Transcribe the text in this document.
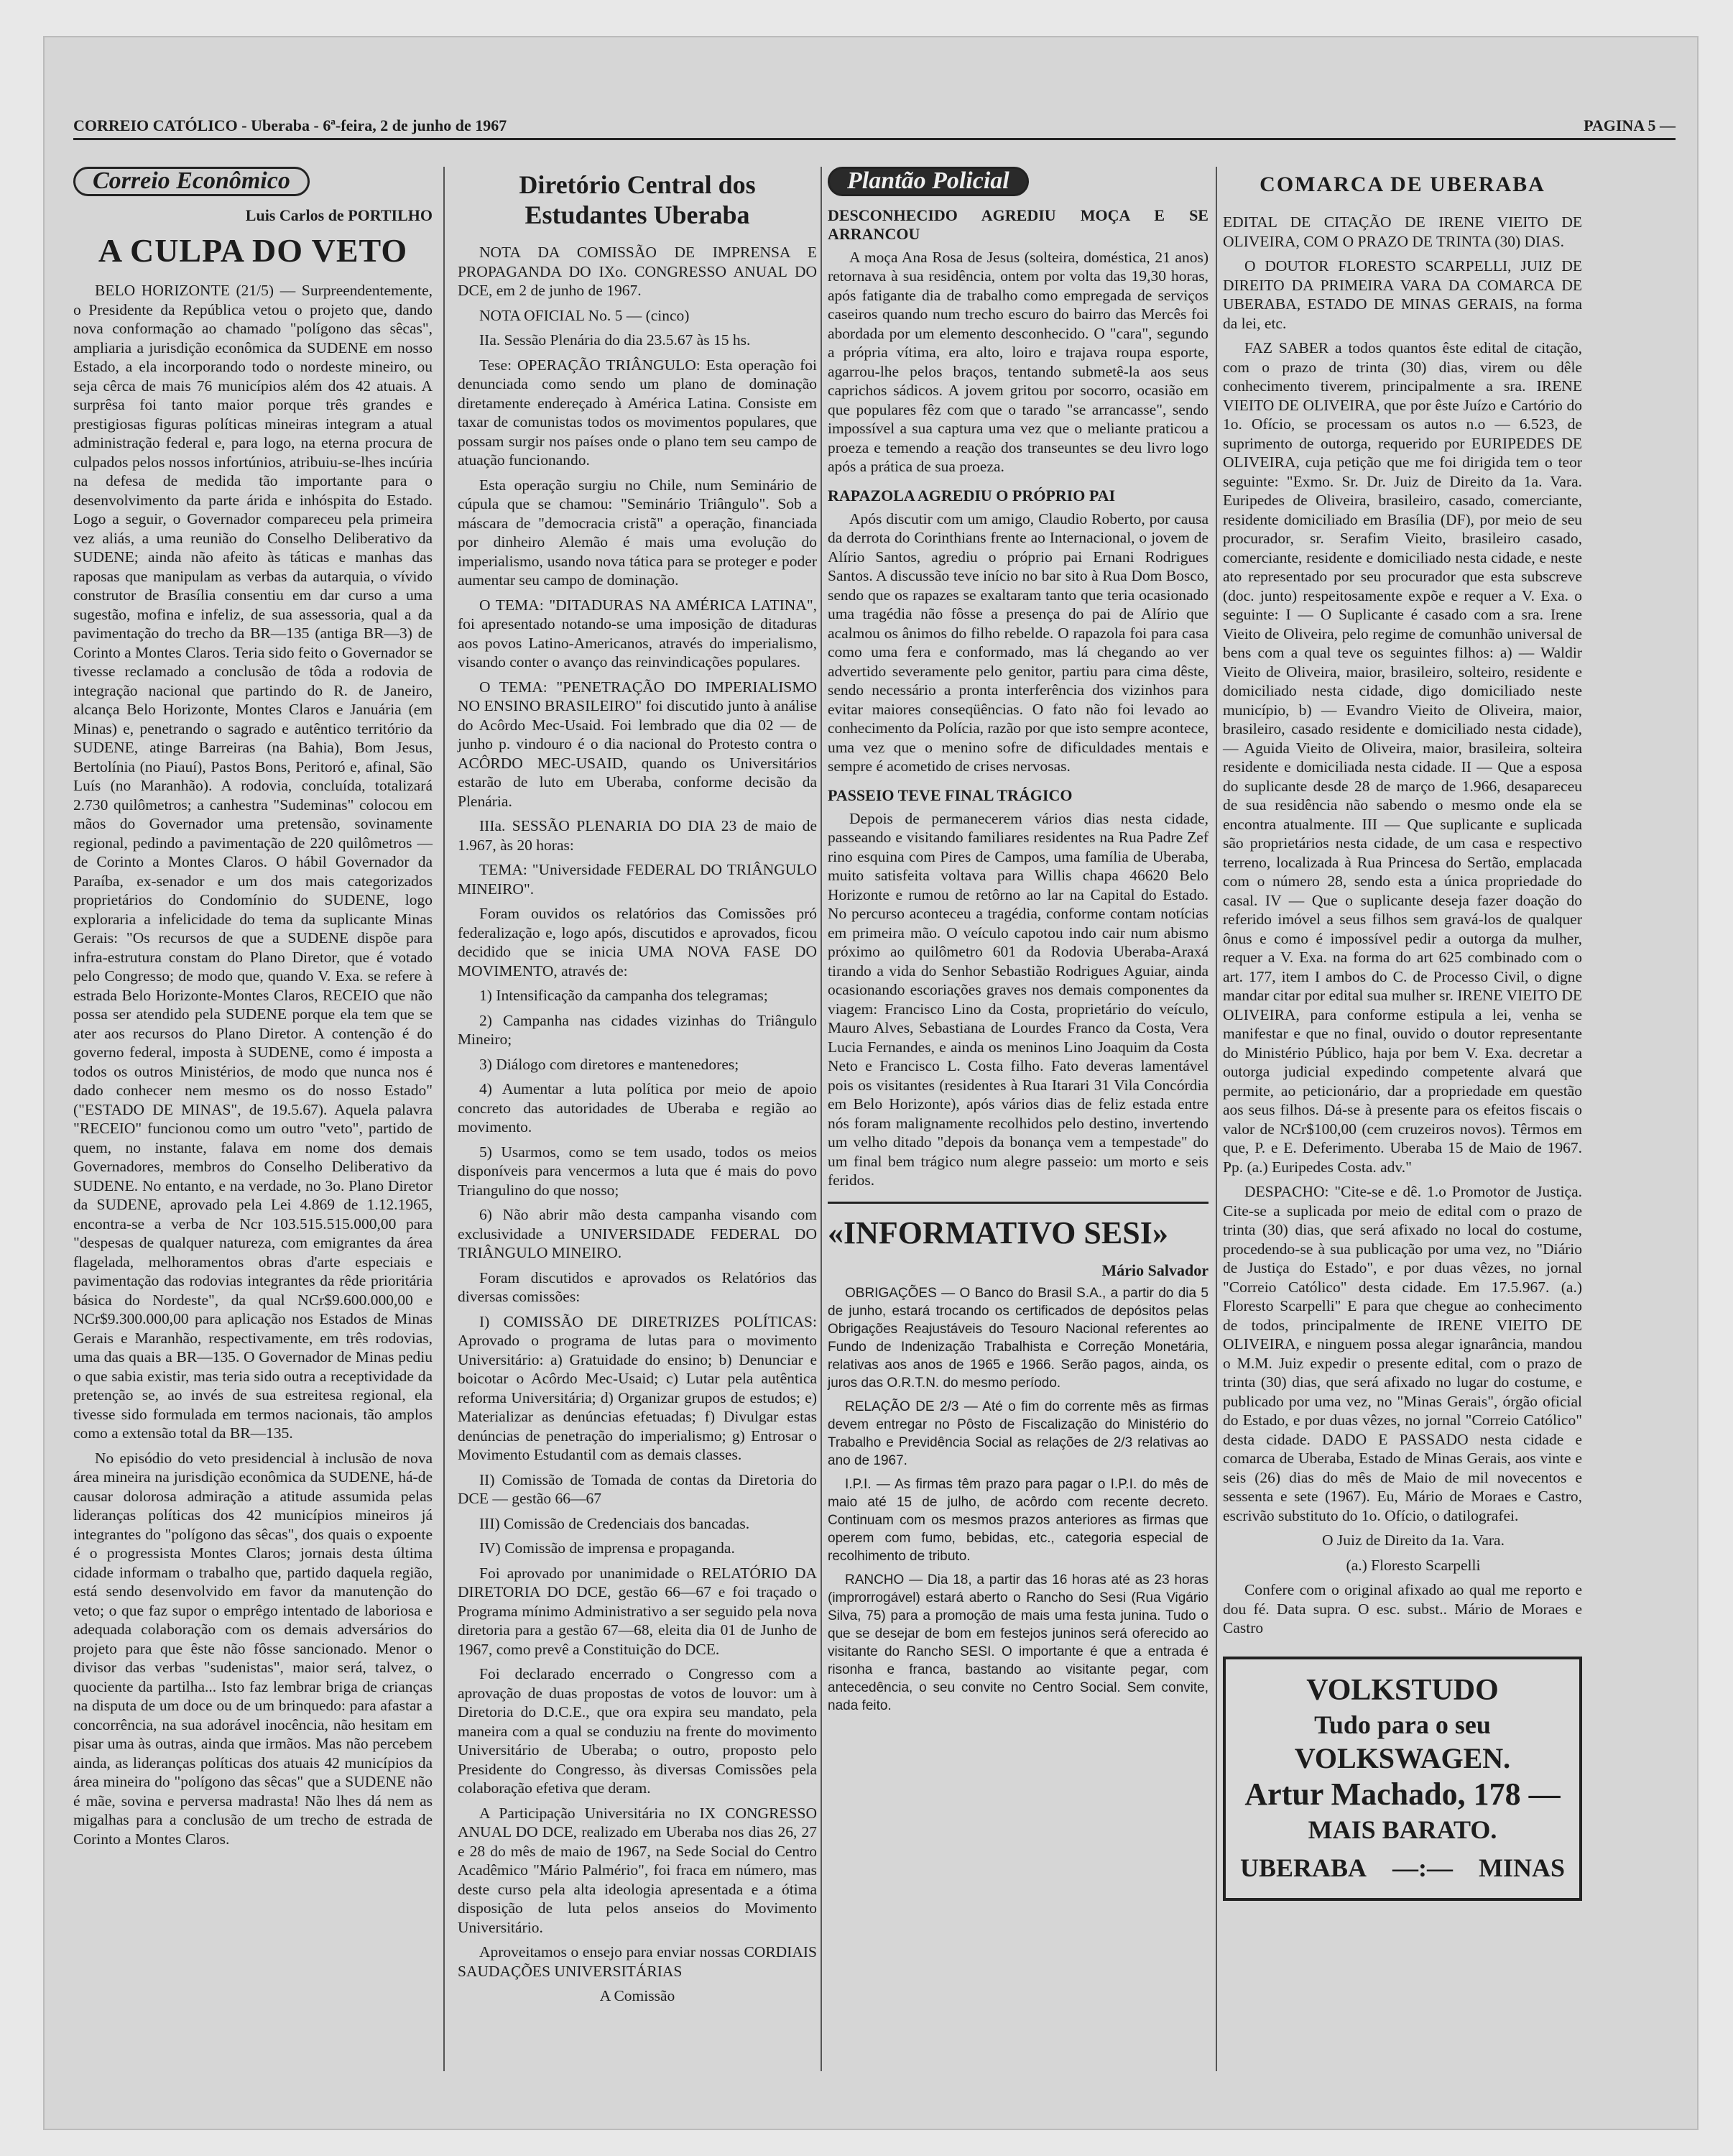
CORREIO CATÓLICO - Uberaba - 6ª-feira, 2 de junho de 1967	PAGINA 5 —
Correio Econômico
Luis Carlos de PORTILHO
A CULPA DO VETO

BELO HORIZONTE (21/5) — Surpreendentemente, o Presidente da República vetou o projeto que, dando nova conformação ao chamado "polígono das sêcas", ampliaria a jurisdição econômica da SUDENE em nosso Estado, a ela incorporando todo o nordeste mineiro, ou seja cêrca de mais 76 municípios além dos 42 atuais. A surprêsa foi tanto maior porque três grandes e prestigiosas figuras políticas mineiras integram a atual administração federal e, para logo, na eterna procura de culpados pelos nossos infortúnios, atribuiu-se-lhes incúria na defesa de medida tão importante para o desenvolvimento da parte árida e inhóspita do Estado. Logo a seguir, o Governador compareceu pela primeira vez aliás, a uma reunião do Conselho Deliberativo da SUDENE; ainda não afeito às táticas e manhas das raposas que manipulam as verbas da autarquia, o vívido construtor de Brasília consentiu em dar curso a uma sugestão, mofina e infeliz, de sua assessoria, qual a da pavimentação do trecho da BR—135 (antiga BR—3) de Corinto a Montes Claros. Teria sido feito o Governador se tivesse reclamado a conclusão de tôda a rodovia de integração nacional que partindo do R. de Janeiro, alcança Belo Horizonte, Montes Claros e Januária (em Minas) e, penetrando o sagrado e autêntico território da SUDENE, atinge Barreiras (na Bahia), Bom Jesus, Bertolínia (no Piauí), Pastos Bons, Peritoró e, afinal, São Luís (no Maranhão). A rodovia, concluída, totalizará 2.730 quilômetros; a canhestra "Sudeminas" colocou em mãos do Governador uma pretensão, sovinamente regional, pedindo a pavimentação de 220 quilômetros — de Corinto a Montes Claros. O hábil Governador da Paraíba, ex-senador e um dos mais categorizados proprietários do Condomínio do SUDENE, logo exploraria a infelicidade do tema da suplicante Minas Gerais: "Os recursos de que a SUDENE dispõe para infra-estrutura constam do Plano Diretor, que é votado pelo Congresso; de modo que, quando V. Exa. se refere à estrada Belo Horizonte-Montes Claros, RECEIO que não possa ser atendido pela SUDENE porque ela tem que se ater aos recursos do Plano Diretor. A contenção é do governo federal, imposta à SUDENE, como é imposta a todos os outros Ministérios, de modo que nunca nos é dado conhecer nem mesmo os do nosso Estado" ("ESTADO DE MINAS", de 19.5.67). Aquela palavra "RECEIO" funcionou como um outro "veto", partido de quem, no instante, falava em nome dos demais Governadores, membros do Conselho Deliberativo da SUDENE. No entanto, e na verdade, no 3o. Plano Diretor da SUDENE, aprovado pela Lei 4.869 de 1.12.1965, encontra-se a verba de Ncr 103.515.515.000,00 para "despesas de qualquer natureza, com emigrantes da área flagelada, melhoramentos obras d'arte especiais e pavimentação das rodovias integrantes da rêde prioritária básica do Nordeste", da qual NCr$9.600.000,00 e NCr$9.300.000,00 para aplicação nos Estados de Minas Gerais e Maranhão, respectivamente, em três rodovias, uma das quais a BR—135. O Governador de Minas pediu o que sabia existir, mas teria sido outra a receptividade da pretenção se, ao invés de sua estreitesa regional, ela tivesse sido formulada em termos nacionais, tão amplos como a extensão total da BR—135.

No episódio do veto presidencial à inclusão de nova área mineira na jurisdição econômica da SUDENE, há-de causar dolorosa admiração a atitude assumida pelas lideranças políticas dos 42 municípios mineiros já integrantes do "polígono das sêcas", dos quais o expoente é o progressista Montes Claros; jornais desta última cidade informam o trabalho que, partido daquela região, está sendo desenvolvido em favor da manutenção do veto; o que faz supor o emprêgo intentado de laboriosa e adequada colaboração com os demais adversários do projeto para que êste não fôsse sancionado. Menor o divisor das verbas "sudenistas", maior será, talvez, o quociente da partilha... Isto faz lembrar briga de crianças na disputa de um doce ou de um brinquedo: para afastar a concorrência, na sua adorável inocência, não hesitam em pisar uma às outras, ainda que irmãos. Mas não percebem ainda, as lideranças políticas dos atuais 42 municípios da área mineira do "polígono das sêcas" que a SUDENE não é mãe, sovina e perversa madrasta! Não lhes dá nem as migalhas para a conclusão de um trecho de estrada de Corinto a Montes Claros.

Diretório Central dos Estudantes Uberaba

NOTA DA COMISSÃO DE IMPRENSA E PROPAGANDA DO IXo. CONGRESSO ANUAL DO DCE, em 2 de junho de 1967.

NOTA OFICIAL No. 5 — (cinco)

IIa. Sessão Plenária do dia 23.5.67 às 15 hs.

Tese: OPERAÇÃO TRIÂNGULO: Esta operação foi denunciada como sendo um plano de dominação diretamente endereçado à América Latina. Consiste em taxar de comunistas todos os movimentos populares, que possam surgir nos países onde o plano tem seu campo de atuação funcionando.

Esta operação surgiu no Chile, num Seminário de cúpula que se chamou: "Seminário Triângulo". Sob a máscara de "democracia cristã" a operação, financiada por dinheiro Alemão é mais uma evolução do imperialismo, usando nova tática para se proteger e poder aumentar seu campo de dominação.

O TEMA: "DITADURAS NA AMÉRICA LATINA", foi apresentado notando-se uma imposição de ditaduras aos povos Latino-Americanos, através do imperialismo, visando conter o avanço das reinvindicações populares.

O TEMA: "PENETRAÇÃO DO IMPERIALISMO NO ENSINO BRASILEIRO" foi discutido junto à análise do Acôrdo Mec-Usaid. Foi lembrado que dia 02 — de junho p. vindouro é o dia nacional do Protesto contra o ACÔRDO MEC-USAID, quando os Universitários estarão de luto em Uberaba, conforme decisão da Plenária.

IIIa. SESSÃO PLENARIA DO DIA 23 de maio de 1.967, às 20 horas:

TEMA: "Universidade FEDERAL DO TRIÂNGULO MINEIRO".

Foram ouvidos os relatórios das Comissões pró federalização e, logo após, discutidos e aprovados, ficou decidido que se inicia UMA NOVA FASE DO MOVIMENTO, através de:

1) Intensificação da campanha dos telegramas;

2) Campanha nas cidades vizinhas do Triângulo Mineiro;

3) Diálogo com diretores e mantenedores;

4) Aumentar a luta política por meio de apoio concreto das autoridades de Uberaba e região ao movimento.

5) Usarmos, como se tem usado, todos os meios disponíveis para vencermos a luta que é mais do povo Triangulino do que nosso;

6) Não abrir mão desta campanha visando com exclusividade a UNIVERSIDADE FEDERAL DO TRIÂNGULO MINEIRO.

Foram discutidos e aprovados os Relatórios das diversas comissões:

I) COMISSÃO DE DIRETRIZES POLÍTICAS: Aprovado o programa de lutas para o movimento Universitário: a) Gratuidade do ensino; b) Denunciar e boicotar o Acôrdo Mec-Usaid; c) Lutar pela autêntica reforma Universitária; d) Organizar grupos de estudos; e) Materializar as denúncias efetuadas; f) Divulgar estas denúncias de penetração do imperialismo; g) Entrosar o Movimento Estudantil com as demais classes.

II) Comissão de Tomada de contas da Diretoria do DCE — gestão 66—67

III) Comissão de Credenciais dos bancadas.

IV) Comissão de imprensa e propaganda.

Foi aprovado por unanimidade o RELATÓRIO DA DIRETORIA DO DCE, gestão 66—67 e foi traçado o Programa mínimo Administrativo a ser seguido pela nova diretoria para a gestão 67—68, eleita dia 01 de Junho de 1967, como prevê a Constituição do DCE.

Foi declarado encerrado o Congresso com a aprovação de duas propostas de votos de louvor: um à Diretoria do D.C.E., que ora expira seu mandato, pela maneira com a qual se conduziu na frente do movimento Universitário de Uberaba; o outro, proposto pelo Presidente do Congresso, às diversas Comissões pela colaboração efetiva que deram.

A Participação Universitária no IX CONGRESSO ANUAL DO DCE, realizado em Uberaba nos dias 26, 27 e 28 do mês de maio de 1967, na Sede Social do Centro Acadêmico "Mário Palmério", foi fraca em número, mas deste curso pela alta ideologia apresentada e a ótima disposição de luta pelos anseios do Movimento Universitário.

Aproveitamos o ensejo para enviar nossas CORDIAIS SAUDAÇÕES UNIVERSITÁRIAS

A Comissão

Plantão Policial
DESCONHECIDO AGREDIU MOÇA E SE ARRANCOU

A moça Ana Rosa de Jesus (solteira, doméstica, 21 anos) retornava à sua residência, ontem por volta das 19,30 horas, após fatigante dia de trabalho como empregada de serviços caseiros quando num trecho escuro do bairro das Mercês foi abordada por um elemento desconhecido. O "cara", segundo a própria vítima, era alto, loiro e trajava roupa esporte, agarrou-lhe pelos braços, tentando submetê-la aos seus caprichos sádicos. A jovem gritou por socorro, ocasião em que populares fêz com que o tarado "se arrancasse", sendo impossível a sua captura uma vez que o meliante praticou a proeza e temendo a reação dos transeuntes se deu livro logo após a prática de sua proeza.

RAPAZOLA AGREDIU O PRÓPRIO PAI

Após discutir com um amigo, Claudio Roberto, por causa da derrota do Corinthians frente ao Internacional, o jovem de Alírio Santos, agrediu o próprio pai Ernani Rodrigues Santos. A discussão teve início no bar sito à Rua Dom Bosco, sendo que os rapazes se exaltaram tanto que teria ocasionado uma tragédia não fôsse a presença do pai de Alírio que acalmou os ânimos do filho rebelde. O rapazola foi para casa como uma fera e conformado, mas lá chegando ao ver advertido severamente pelo genitor, partiu para cima dêste, sendo necessário a pronta interferência dos vizinhos para evitar maiores conseqüências. O fato não foi levado ao conhecimento da Polícia, razão por que isto sempre acontece, uma vez que o menino sofre de dificuldades mentais e sempre é acometido de crises nervosas.

PASSEIO TEVE FINAL TRÁGICO

Depois de permanecerem vários dias nesta cidade, passeando e visitando familiares residentes na Rua Padre Zef rino esquina com Pires de Campos, uma família de Uberaba, muito satisfeita voltava para Willis chapa 46620 Belo Horizonte e rumou de retôrno ao lar na Capital do Estado. No percurso aconteceu a tragédia, conforme contam notícias em primeira mão. O veículo capotou indo cair num abismo próximo ao quilômetro 601 da Rodovia Uberaba-Araxá tirando a vida do Senhor Sebastião Rodrigues Aguiar, ainda ocasionando escoriações graves nos demais componentes da viagem: Francisco Lino da Costa, proprietário do veículo, Mauro Alves, Sebastiana de Lourdes Franco da Costa, Vera Lucia Fernandes, e ainda os meninos Lino Joaquim da Costa Neto e Francisco L. Costa filho. Fato deveras lamentável pois os visitantes (residentes à Rua Itarari 31 Vila Concórdia em Belo Horizonte), após vários dias de feliz estada entre nós foram malignamente recolhidos pelo destino, invertendo um velho ditado "depois da bonança vem a tempestade" do um final bem trágico num alegre passeio: um morto e seis feridos.

«INFORMATIVO SESI»
Mário Salvador

OBRIGAÇÕES — O Banco do Brasil S.A., a partir do dia 5 de junho, estará trocando os certificados de depósitos pelas Obrigações Reajustáveis do Tesouro Nacional referentes ao Fundo de Indenização Trabalhista e Correção Monetária, relativas aos anos de 1965 e 1966. Serão pagos, ainda, os juros das O.R.T.N. do mesmo período.

RELAÇÃO DE 2/3 — Até o fim do corrente mês as firmas devem entregar no Pôsto de Fiscalização do Ministério do Trabalho e Previdência Social as relações de 2/3 relativas ao ano de 1967.

I.P.I. — As firmas têm prazo para pagar o I.P.I. do mês de maio até 15 de julho, de acôrdo com recente decreto. Continuam com os mesmos prazos anteriores as firmas que operem com fumo, bebidas, etc., categoria especial de recolhimento de tributo.

RANCHO — Dia 18, a partir das 16 horas até as 23 horas (improrrogável) estará aberto o Rancho do Sesi (Rua Vigário Silva, 75) para a promoção de mais uma festa junina. Tudo o que se desejar de bom em festejos juninos será oferecido ao visitante do Rancho SESI. O importante é que a entrada é risonha e franca, bastando ao visitante pegar, com antecedência, o seu convite no Centro Social. Sem convite, nada feito.

COMARCA DE UBERABA

EDITAL DE CITAÇÃO DE IRENE VIEITO DE OLIVEIRA, COM O PRAZO DE TRINTA (30) DIAS.

O DOUTOR FLORESTO SCARPELLI, JUIZ DE DIREITO DA PRIMEIRA VARA DA COMARCA DE UBERABA, ESTADO DE MINAS GERAIS, na forma da lei, etc.

FAZ SABER a todos quantos êste edital de citação, com o prazo de trinta (30) dias, virem ou dêle conhecimento tiverem, principalmente a sra. IRENE VIEITO DE OLIVEIRA, que por êste Juízo e Cartório do 1o. Ofício, se processam os autos n.o — 6.523, de suprimento de outorga, requerido por EURIPEDES DE OLIVEIRA, cuja petição que me foi dirigida tem o teor seguinte: "Exmo. Sr. Dr. Juiz de Direito da 1a. Vara. Euripedes de Oliveira, brasileiro, casado, comerciante, residente domiciliado em Brasília (DF), por meio de seu procurador, sr. Serafim Vieito, brasileiro casado, comerciante, residente e domiciliado nesta cidade, e neste ato representado por seu procurador que esta subscreve (doc. junto) respeitosamente expõe e requer a V. Exa. o seguinte: I — O Suplicante é casado com a sra. Irene Vieito de Oliveira, pelo regime de comunhão universal de bens com a qual teve os seguintes filhos: a) — Waldir Vieito de Oliveira, maior, brasileiro, solteiro, residente e domiciliado nesta cidade, digo domiciliado neste município, b) — Evandro Vieito de Oliveira, maior, brasileiro, casado residente e domiciliado nesta cidade), — Aguida Vieito de Oliveira, maior, brasileira, solteira residente e domiciliada nesta cidade. II — Que a esposa do suplicante desde 28 de março de 1.966, desapareceu de sua residência não sabendo o mesmo onde ela se encontra atualmente. III — Que suplicante e suplicada são proprietários nesta cidade, de um casa e respectivo terreno, localizada à Rua Princesa do Sertão, emplacada com o número 28, sendo esta a única propriedade do casal. IV — Que o suplicante deseja fazer doação do referido imóvel a seus filhos sem gravá-los de qualquer ônus e como é impossível pedir a outorga da mulher, requer a V. Exa. na forma do art 625 combinado com o art. 177, item I ambos do C. de Processo Civil, o digne mandar citar por edital sua mulher sr. IRENE VIEITO DE OLIVEIRA, para conforme estipula a lei, venha se manifestar e que no final, ouvido o doutor representante do Ministério Público, haja por bem V. Exa. decretar a outorga judicial expedindo competente alvará que permite, ao peticionário, dar a propriedade em questão aos seus filhos. Dá-se à presente para os efeitos fiscais o valor de NCr$100,00 (cem cruzeiros novos). Têrmos em que, P. e E. Deferimento. Uberaba 15 de Maio de 1967. Pp. (a.) Euripedes Costa. adv."

DESPACHO: "Cite-se e dê. 1.o Promotor de Justiça. Cite-se a suplicada por meio de edital com o prazo de trinta (30) dias, que será afixado no local do costume, procedendo-se à sua publicação por uma vez, no "Diário de Justiça do Estado", e por duas vêzes, no jornal "Correio Católico" desta cidade. Em 17.5.967. (a.) Floresto Scarpelli" E para que chegue ao conhecimento de todos, principalmente de IRENE VIEITO DE OLIVEIRA, e ninguem possa alegar ignarância, mandou o M.M. Juiz expedir o presente edital, com o prazo de trinta (30) dias, que será afixado no lugar do costume, e publicado por uma vez, no "Minas Gerais", órgão oficial do Estado, e por duas vêzes, no jornal "Correio Católico" desta cidade. DADO E PASSADO nesta cidade e comarca de Uberaba, Estado de Minas Gerais, aos vinte e seis (26) dias do mês de Maio de mil novecentos e sessenta e sete (1967). Eu, Mário de Moraes e Castro, escrivão substituto do 1o. Ofício, o datilografei.

O Juiz de Direito da 1a. Vara.

(a.) Floresto Scarpelli

Confere com o original afixado ao qual me reporto e dou fé. Data supra. O esc. subst.. Mário de Moraes e Castro

VOLKSTUDO
Tudo para o seu
VOLKSWAGEN.
Artur Machado, 178 —
MAIS BARATO.
UBERABA —:— MINAS
